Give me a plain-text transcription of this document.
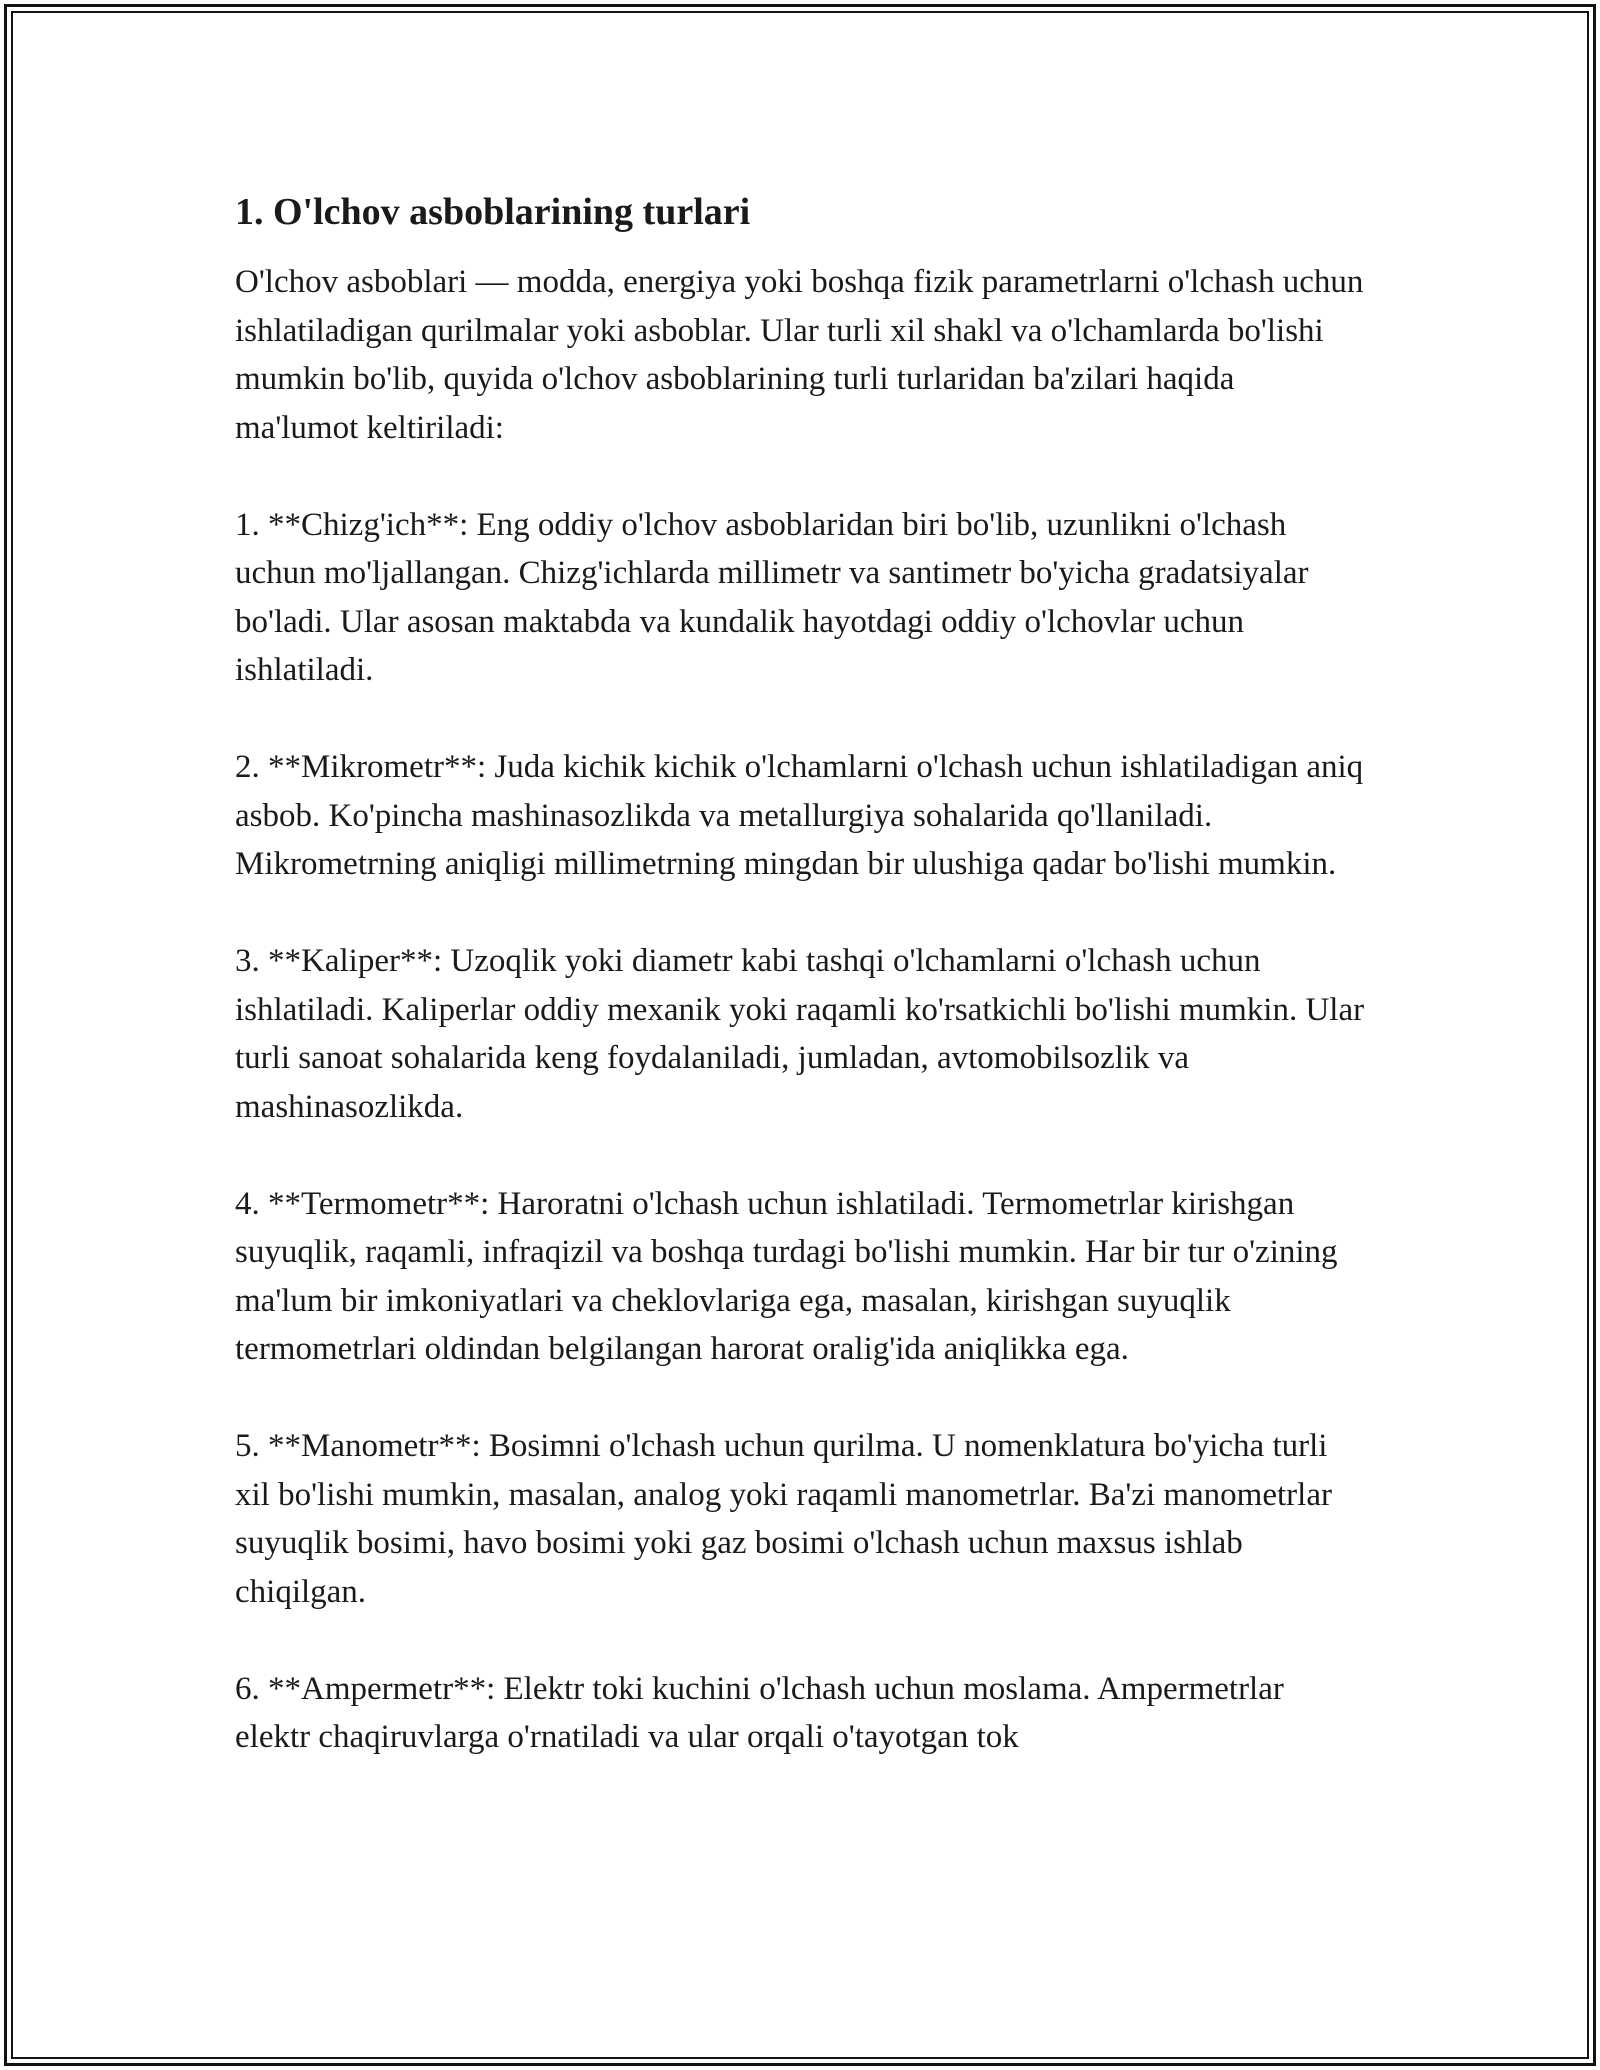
1. O'lchov asboblarining turlari

O'lchov asboblari — modda, energiya yoki boshqa fizik parametrlarni o'lchash uchun ishlatiladigan qurilmalar yoki asboblar. Ular turli xil shakl va o'lchamlarda bo'lishi mumkin bo'lib, quyida o'lchov asboblarining turli turlaridan ba'zilari haqida ma'lumot keltiriladi:

1. **Chizg'ich**: Eng oddiy o'lchov asboblaridan biri bo'lib, uzunlikni o'lchash uchun mo'ljallangan. Chizg'ichlarda millimetr va santimetr bo'yicha gradatsiyalar bo'ladi. Ular asosan maktabda va kundalik hayotdagi oddiy o'lchovlar uchun ishlatiladi.

2. **Mikrometr**: Juda kichik kichik o'lchamlarni o'lchash uchun ishlatiladigan aniq asbob. Ko'pincha mashinasozlikda va metallurgiya sohalarida qo'llaniladi. Mikrometrning aniqligi millimetrning mingdan bir ulushiga qadar bo'lishi mumkin.

3. **Kaliper**: Uzoqlik yoki diametr kabi tashqi o'lchamlarni o'lchash uchun ishlatiladi. Kaliperlar oddiy mexanik yoki raqamli ko'rsatkichli bo'lishi mumkin. Ular turli sanoat sohalarida keng foydalaniladi, jumladan, avtomobilsozlik va mashinasozlikda.

4. **Termometr**: Haroratni o'lchash uchun ishlatiladi. Termometrlar kirishgan suyuqlik, raqamli, infraqizil va boshqa turdagi bo'lishi mumkin. Har bir tur o'zining ma'lum bir imkoniyatlari va cheklovlariga ega, masalan, kirishgan suyuqlik termometrlari oldindan belgilangan harorat oralig'ida aniqlikka ega.

5. **Manometr**: Bosimni o'lchash uchun qurilma. U nomenklatura bo'yicha turli xil bo'lishi mumkin, masalan, analog yoki raqamli manometrlar. Ba'zi manometrlar suyuqlik bosimi, havo bosimi yoki gaz bosimi o'lchash uchun maxsus ishlab chiqilgan.

6. **Ampermetr**: Elektr toki kuchini o'lchash uchun moslama. Ampermetrlar elektr chaqiruvlarga o'rnatiladi va ular orqali o'tayotgan tok
